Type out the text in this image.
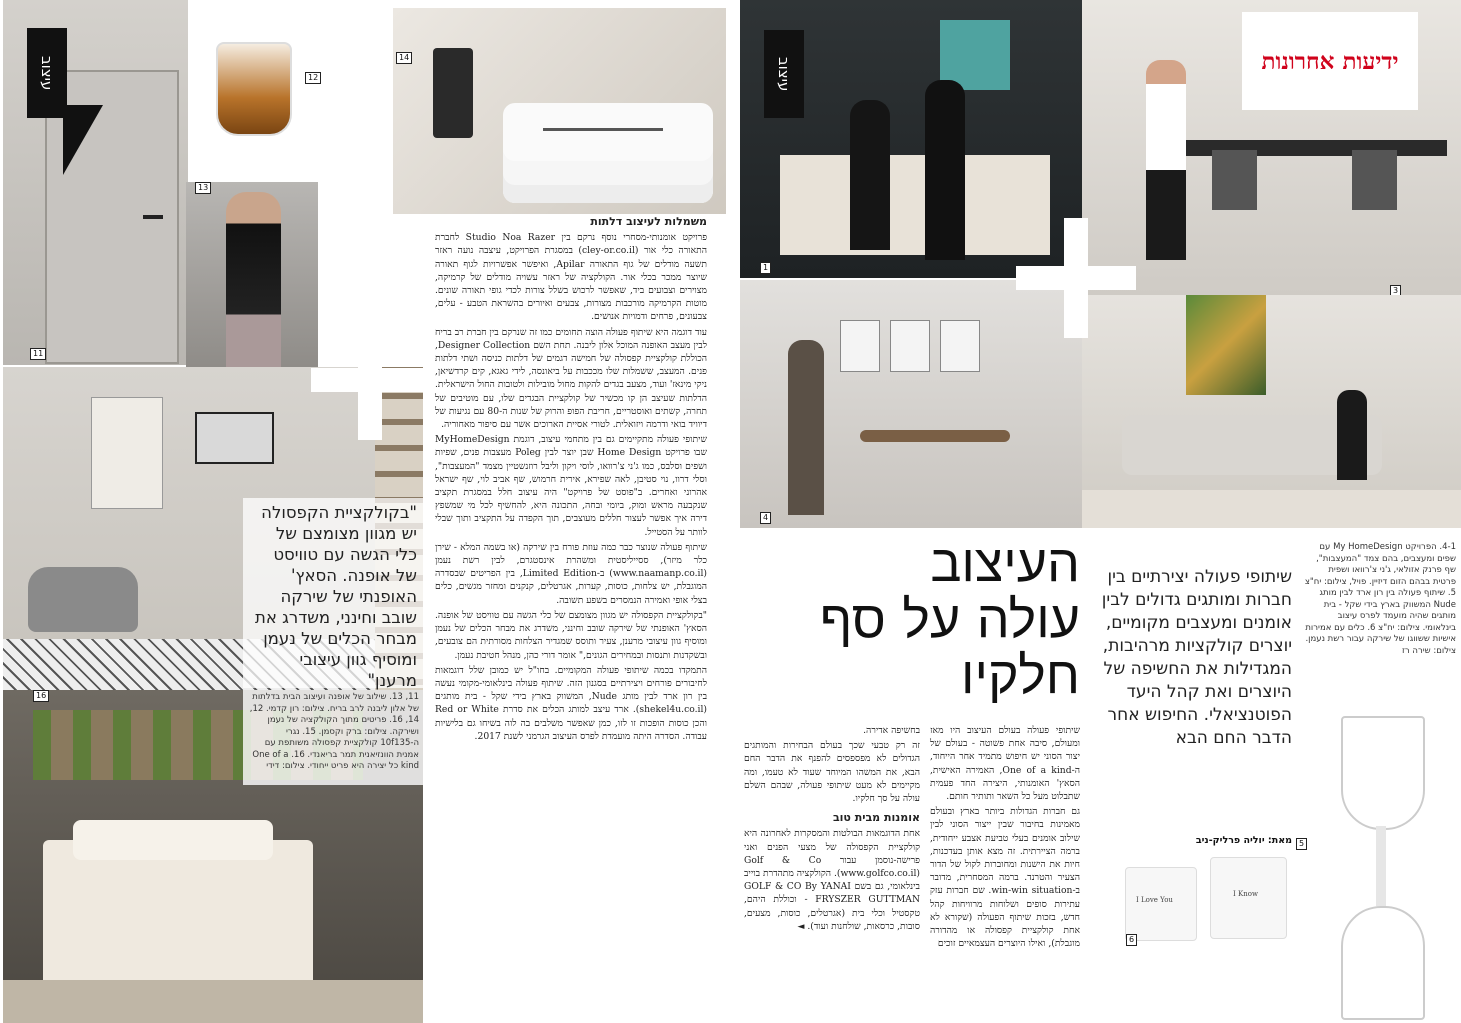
עיצוב
11
12
14
13
16
"בקולקציית הקפסולה יש מגוון מצומצם של כלי הגשה עם טוויסט של אופנה. הסאץ' האופנתי של שירקה שובב וחינני, משדרג את מבחר הכלים של נעמן ומוסיף גוון עיצובי מרענן"
11, 13. שילוב של אופנה ועיצוב הבית בדלתות של אלון ליבנה לרב בריח. צילום: רון קדמי. 12, 14, 16. פריטים מתוך הקולקציה של נעמן ושירקה. צילום: ברק וקסמן. 15. נגרי ה-10f135 קולקציית קפסולה משותפת עם אמנית הוונזיאנית תמר בריאנדי. 16. One of a kind כל יצירה היא פריט ייחודי. צילום: דידי
משמלות לעיצוב דלתות

פרויקט אומנותי-מסחרי נוסף נרקם בין Studio Noa Razer לחברת התאורה כלי אור (cley-or.co.il) במסגרת הפרויקט, עיצבה נועה ראזר תשעה מודלים של גוף התאורה Apilar, ואיפשר אפשרויות לגוף תאורה שיוצר ממכר בכלי אור. הקולקציה של ראזר עשויה מודלים של קרמיקה, מצוירים וצבועים ביד, שאפשר לרכוש בשלל צורות לכדי גופי תאורה שונים. מוטות הקרמיקה מורכבות מצורות, צבעים ואיורים בהשראת הטבע - עלים, צבעונים, פרחים ודמויות אנושים.

עוד דוגמה היא שיתוף פעולה הוצה תחומים כמו זה שנרקם בין חברת רב בריח לבין מעצב האופנה המוכל אלון ליבנה. תחת השם Designer Collection, הכוללת קולקציית קפסולה של חמישה דגמים של דלתות כניסה ושתי דלתות פנים. המעצב, ששמלות שלו מככבות על ביאונסה, לידי גאגא, קים קרדשיאן, ניקי מינאז' ועוד, מצעב בגדים להקות מחול מובילות ולטובות החול הישראלית. הדלתות שעיצב הן קו מכשיר של קולקציית הבגדים שלו, עם מוטיבים של תחרה, קשתים ואוסטריים, חריבת הפופ והרוק של שנות ה-80 עם נגיעות של דיוויד בואי ודרמה ויזואלית. לטורי אסיית הארוכים אשר עם סיפור מאחוריה.

שיתופי פעולה מתקיימים גם בין מתחמי עיצוב, דוגמת MyHomeDesign שבו פרויקט Home Design שבן יוצר לבין Poleg מעצבות פנים, שפיות ושפים וסלבס, כמו ג'ני צ'רוואו, לוסי ויקון וליבל רוזנשטיין מצמד "המעצבות", וסלי דרוו, נוי סטיבן, לאה שפירא, אירית חרמוש, שף אביב לוי, שף ישראל אהרוני ואחרים. ב"פוסט של פרויקט" היה עיצוב חלל במסגרת תקציב שנקבעה מראש ומוק, ביומי ובחה, התכונה היא, להחשיף לכל מי שמשפץ דירה איך אפשר לעצור חללים מעוצבים, תוך הקפדה על התקציב ותוך שבלי לוותר על הסטייל.

שיתוף פעולה שנוצר כבר כמה עוזת פורח בין שירקה (או בשמה המלא - שירן כלר מיזר), ססייליסטית ומשהרת אינסטגרם, לבין רשת נעמן (www.naamanp.co.il) ב-Limited Edition, בין הפריטים שבסדרה המוגבלת, יש צלחות, כוסות, קערות, אגרטלים, קנקנים ומחזר מגשים, כלים בצלי אופי ואמירה הנמסרים בשפע תשובה.

"בקולקציית הקפסולה יש מגוון מצומצם של כלי הגשה עם טוויסט של אופנה. הסאץ' האופנתי של שירקה שובב וחינני, משדרג את מבחר הכלים של נעמן ומוסיף גוון עיצובי מרענן, צעיר ותוסס שמגדיר הצלחות מסורתית הם צובעים, ובשקדנות ותנסות ובמחירים הגונים," אומר דורי כהן, מנהל חטיבת נעמן.

התמקדו בכמה שיתופי פעולה המקומיים. בחו"ל יש כמובן שלל דוגמאות לחיבורים פורחים ויצירתיים בסגנון הזה. שיתוף פעולה בינלאומי-מקומי נעשה בין רון ארד לבין מותג Nude, המשווק בארץ בידי שקל - בית מותגים (shekel4u.co.il). ארד עיצב למותג הכלים את סדרת Red or White והכן כוסות הופכות זו לזו, כמן שאפשר משלבים בה לוה בשיחו גם בלישיות עבודה. הסדרה היתה מועמדת לפרס העיצוב הגרמני לשנת 2017.

עיצוב
1
3
ידיעות אחרונות
4
העיצוב
עולה על סף
חלקיו
שיתופי פעולה יצירתיים בין חברות ומותגים גדולים לבין אומנים ומעצבים מקומיים, יוצרים קולקציות מרהיבות, המגדילות את החשיפה של היוצרים ואת קהל היעד הפוטנציאלי. החיפוש אחר הדבר החם הבא
מאת: יוליה פרליק-ניב
4-1. הפרויקט My HomeDesign עם שפים ומעצבים, בהם צמד "המעצבות", שף פרנק אזולאי, ג'ני צ'רוואו ושפית פרטית בבהם הזום דיזיין. פויל, צילום: יח"צ 5. שיתוף פעולה בין רון ארד לבין מותג Nude המשווק בארץ בידי שקל - בית מותגים שהיה מועמד לפרס עיצוב בינלאומי. צילום: יח"צ 6. כלים עם אמירות אישיות ששווגו של שירקה עבור רשת נעמן. צילום: שירה רז
5
I Love You
I Know
6

שיתופי פעולה בעולם העיצוב היו מאז ומעולם, סיבה אחת פשוטה - בעולם של יצור הסוני יש חיפוש מתמיד אחר הייחוד, ה-One of a kind, האמירה האישית, הסאץ' האומנותי, היצירה החד פעמית שתבלוט מעל כל השאר ותותיר חותם.

גם חברות הגדולות ביותר בארץ ובעולם מאמינות בחיבור שבין ייצור הסוני לבין שילוב אומנים בעלי טביעת אצבע ייחודית, ברמה הציירתית. זה מצא אותן בעדכנות, חיות את הישנות ומחוברות לקול של הדור הצעיר והטרנד. ברמה המסחרית, מדובר ב-win-win situation. שם חברות עזק עתירות סופים ושלוחות מרוויחות קהל חדש, בזכות שיתוף הפעולה (שקורא לא אחת קולקציית קפסולה או מהדורה מוגבלת), ואילו היוצרים העצמאיים זוכים

בחשיפה אדירה.

זה רק טבעי שכך בעולם הבחירות והמותגים הגדולים לא מפספסים להפנף את הדבר החם הבא, את המשהו המיוחד שעוד לא טעמו, ומה מקיימים לא מעט שיתופי פעולה, שבהם השלם עולה על סך חלקיו.

אומנות מבית טוב

אחת הדוגמאות הבולטות והמסקרות לאחרונה היא קולקציית הקפסולה של מצעי הפנים ואני פרישה-נוסמן עבור Golf & Co (www.golfco.co.il). הקולקציה מתהדרת בוייב בינלאומי, גם בשם GOLF & CO By YANAI - FRYSZER GUTTMAN וכוללת היהם, טקסטיל וכלי בית (אגרטלים, כוסות, מצעים, סובות, כרסאות, שולחנות ועוד). ◄
